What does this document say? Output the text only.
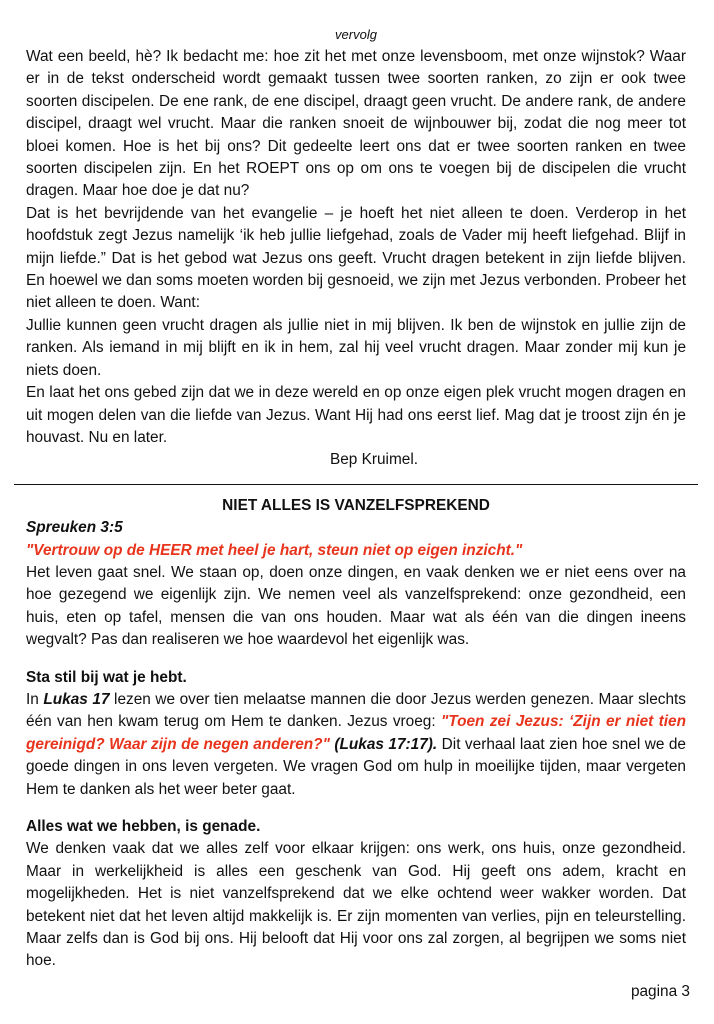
vervolg

Wat een beeld, hè? Ik bedacht me: hoe zit het met onze levensboom, met onze wijnstok? Waar er in de tekst onderscheid wordt gemaakt tussen twee soorten ranken, zo zijn er ook twee soorten discipelen. De ene rank, de ene discipel, draagt geen vrucht. De andere rank, de andere discipel, draagt wel vrucht. Maar die ranken snoeit de wijnbouwer bij, zodat die nog meer tot bloei komen. Hoe is het bij ons? Dit gedeelte leert ons dat er twee soorten ranken en twee soorten discipelen zijn. En het ROEPT ons op om ons te voegen bij de discipelen die vrucht dragen. Maar hoe doe je dat nu?

Dat is het bevrijdende van het evangelie – je hoeft het niet alleen te doen. Verderop in het hoofdstuk zegt Jezus namelijk ‘ik heb jullie liefgehad, zoals de Vader mij heeft liefgehad. Blijf in mijn liefde.” Dat is het gebod wat Jezus ons geeft. Vrucht dragen betekent in zijn liefde blijven. En hoewel we dan soms moeten worden bij gesnoeid, we zijn met Jezus verbonden. Probeer het niet alleen te doen. Want:

Jullie kunnen geen vrucht dragen als jullie niet in mij blijven. Ik ben de wijnstok en jullie zijn de ranken. Als iemand in mij blijft en ik in hem, zal hij veel vrucht dragen. Maar zonder mij kun je niets doen.

En laat het ons gebed zijn dat we in deze wereld en op onze eigen plek vrucht mogen dragen en uit mogen delen van die liefde van Jezus. Want Hij had ons eerst lief. Mag dat je troost zijn én je houvast. Nu en later.

Bep Kruimel.

NIET ALLES IS VANZELFSPREKEND

Spreuken 3:5

"Vertrouw op de HEER met heel je hart, steun niet op eigen inzicht."

Het leven gaat snel. We staan op, doen onze dingen, en vaak denken we er niet eens over na hoe gezegend we eigenlijk zijn. We nemen veel als vanzelfsprekend: onze gezondheid, een huis, eten op tafel, mensen die van ons houden. Maar wat als één van die dingen ineens wegvalt? Pas dan realiseren we hoe waardevol het eigenlijk was.

Sta stil bij wat je hebt.

In Lukas 17 lezen we over tien melaatse mannen die door Jezus werden genezen. Maar slechts één van hen kwam terug om Hem te danken. Jezus vroeg: "Toen zei Jezus: ‘Zijn er niet tien gereinigd? Waar zijn de negen anderen?" (Lukas 17:17). Dit verhaal laat zien hoe snel we de goede dingen in ons leven vergeten. We vragen God om hulp in moeilijke tijden, maar vergeten Hem te danken als het weer beter gaat.

Alles wat we hebben, is genade.

We denken vaak dat we alles zelf voor elkaar krijgen: ons werk, ons huis, onze gezondheid. Maar in werkelijkheid is alles een geschenk van God. Hij geeft ons adem, kracht en mogelijkheden. Het is niet vanzelfsprekend dat we elke ochtend weer wakker worden. Dat betekent niet dat het leven altijd makkelijk is. Er zijn momenten van verlies, pijn en teleurstelling. Maar zelfs dan is God bij ons. Hij belooft dat Hij voor ons zal zorgen, al begrijpen we soms niet hoe.

pagina 3
